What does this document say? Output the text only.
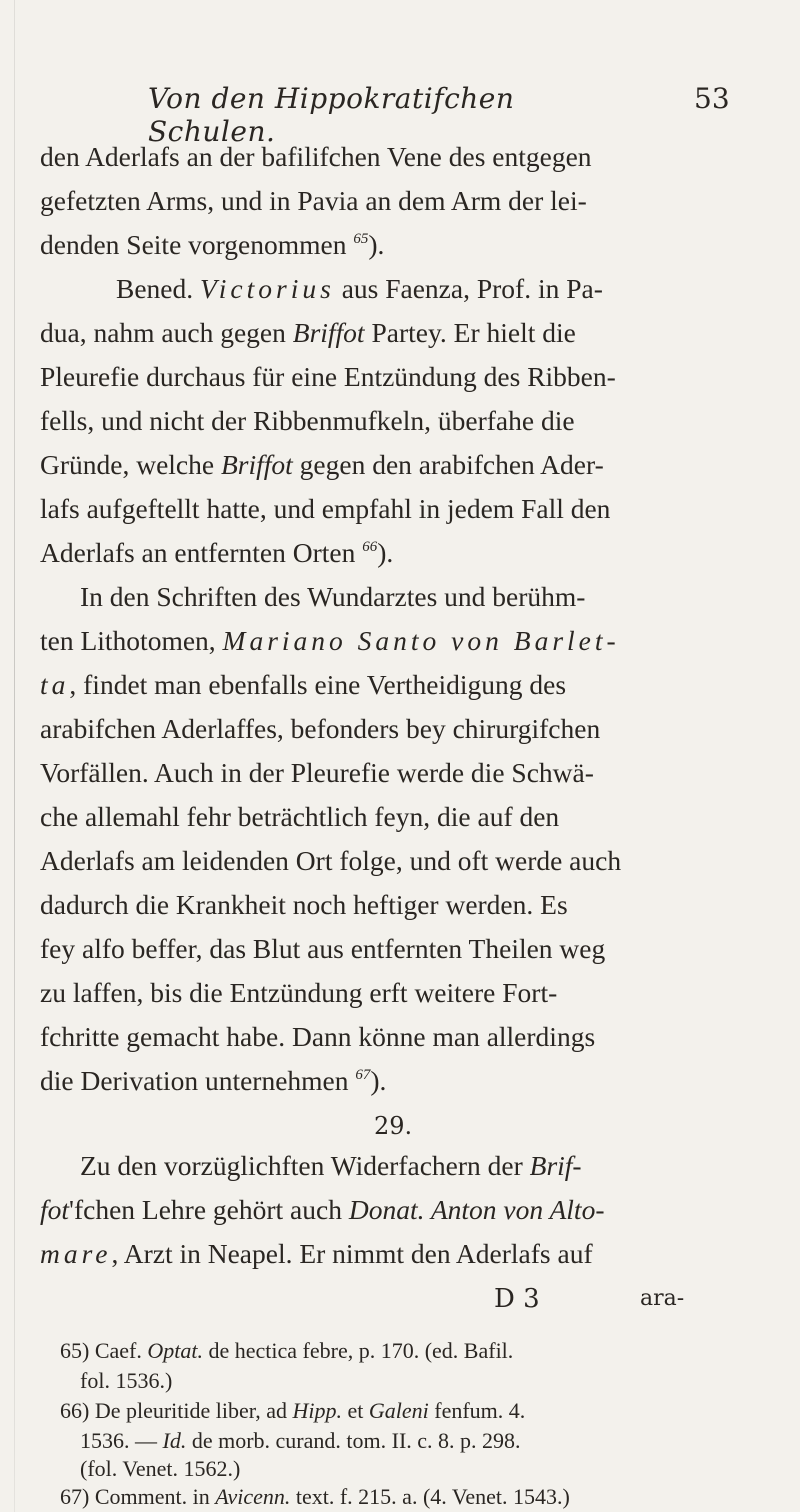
Von den Hippokratifchen Schulen.
53
den Aderlafs an der bafilifchen Vene des entgegen
gefetzten Arms, und in Pavia an dem Arm der lei-
denden Seite vorgenommen $^{65}$).
Bened. Victorius aus Faenza, Prof. in Pa-
dua, nahm auch gegen Briffot Partey. Er hielt die
Pleurefie durchaus für eine Entzündung des Ribben-
fells, und nicht der Ribbenmufkeln, überfahe die
Gründe, welche Briffot gegen den arabifchen Ader-
lafs aufgeftellt hatte, und empfahl in jedem Fall den
Aderlafs an entfernten Orten $^{66}$).
In den Schriften des Wundarztes und berühm-
ten Lithotomen, Mariano Santo von Barlet-
ta, findet man ebenfalls eine Vertheidigung des
arabifchen Aderlaffes, befonders bey chirurgifchen
Vorfällen. Auch in der Pleurefie werde die Schwä-
che allemahl fehr beträchtlich feyn, die auf den
Aderlafs am leidenden Ort folge, und oft werde auch
dadurch die Krankheit noch heftiger werden. Es
fey alfo beffer, das Blut aus entfernten Theilen weg
zu laffen, bis die Entzündung erft weitere Fort-
fchritte gemacht habe. Dann könne man allerdings
die Derivation unternehmen $^{67}$).
29.
Zu den vorzüglichften Widerfachern der Brif-
fot'fchen Lehre gehört auch Donat. Anton von Alto-
mare, Arzt in Neapel. Er nimmt den Aderlafs auf
D 3	ara-
65) Caef. Optat. de hectica febre, p. 170. (ed. Bafil.
fol. 1536.)
66) De pleuritide liber, ad Hipp. et Galeni fenfum. 4.
1536. — Id. de morb. curand. tom. II. c. 8. p. 298.
(fol. Venet. 1562.)
67) Comment. in Avicenn. text. f. 215. a. (4. Venet. 1543.)
